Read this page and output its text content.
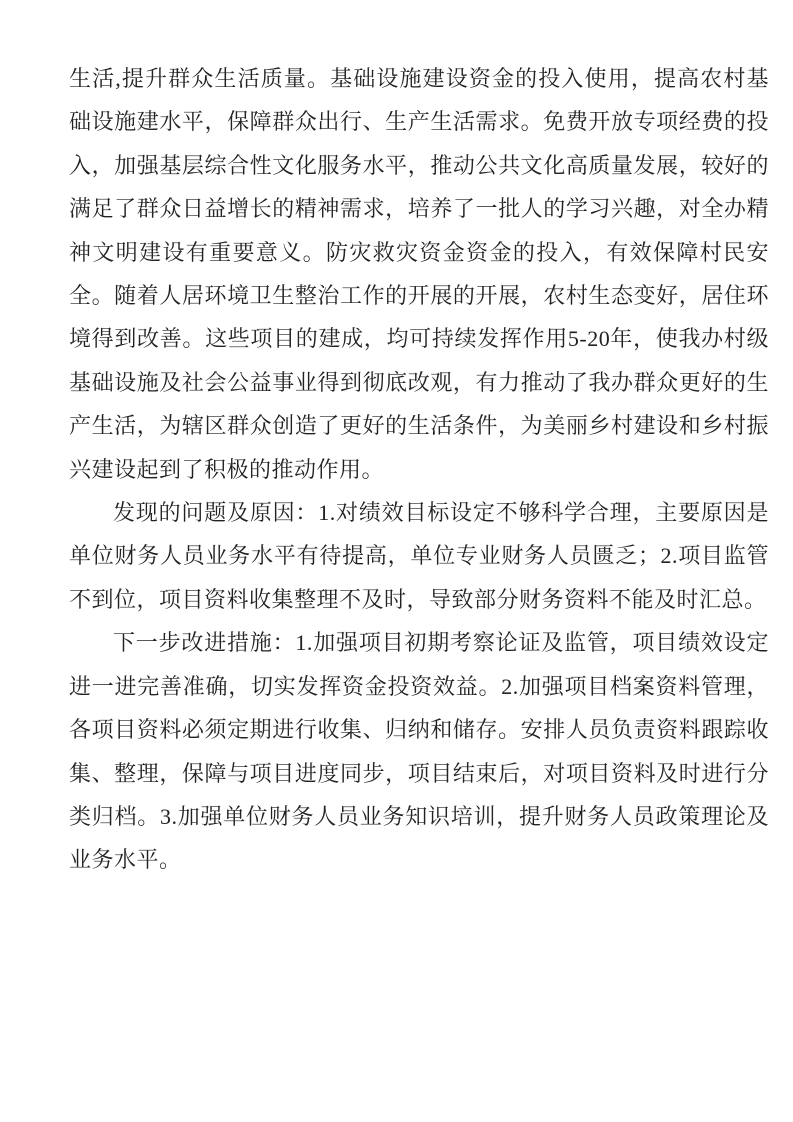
生活,提升群众生活质量。基础设施建设资金的投入使用，提高农村基础设施建水平，保障群众出行、生产生活需求。免费开放专项经费的投入，加强基层综合性文化服务水平，推动公共文化高质量发展，较好的满足了群众日益增长的精神需求，培养了一批人的学习兴趣，对全办精神文明建设有重要意义。防灾救灾资金资金的投入，有效保障村民安全。随着人居环境卫生整治工作的开展的开展，农村生态变好，居住环境得到改善。这些项目的建成，均可持续发挥作用5-20年，使我办村级基础设施及社会公益事业得到彻底改观，有力推动了我办群众更好的生产生活，为辖区群众创造了更好的生活条件，为美丽乡村建设和乡村振兴建设起到了积极的推动作用。

发现的问题及原因：1.对绩效目标设定不够科学合理，主要原因是单位财务人员业务水平有待提高，单位专业财务人员匮乏；2.项目监管不到位，项目资料收集整理不及时，导致部分财务资料不能及时汇总。

下一步改进措施：1.加强项目初期考察论证及监管，项目绩效设定进一进完善准确，切实发挥资金投资效益。2.加强项目档案资料管理，各项目资料必须定期进行收集、归纳和储存。安排人员负责资料跟踪收集、整理，保障与项目进度同步，项目结束后，对项目资料及时进行分类归档。3.加强单位财务人员业务知识培训，提升财务人员政策理论及业务水平。
